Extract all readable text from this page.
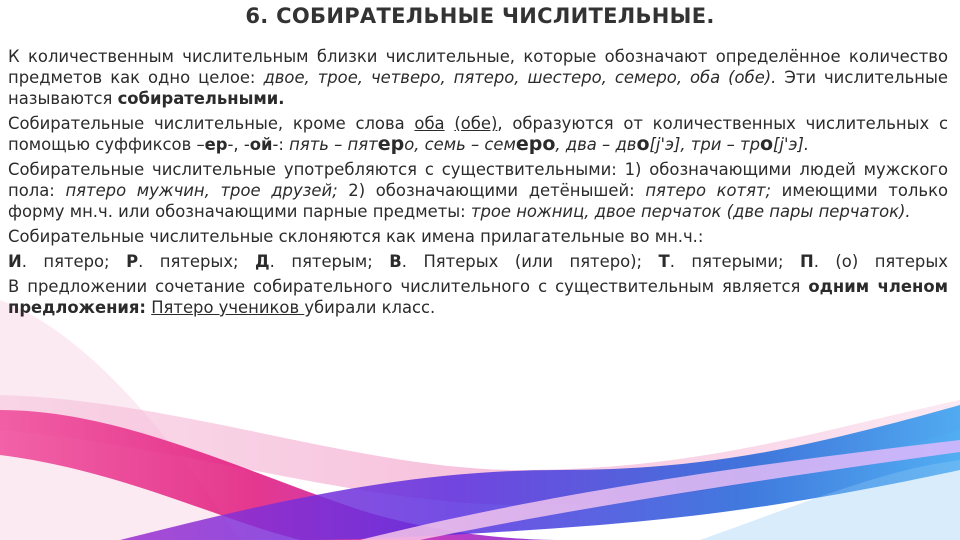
6. СОБИРАТЕЛЬНЫЕ ЧИСЛИТЕЛЬНЫЕ.

К количественным числительным близки числительные, которые обозначают определённое количество предметов как одно целое: двое, трое, четверо, пятеро, шестеро, семеро, оба (обе). Эти числительные называются собирательными.

Собирательные числительные, кроме слова оба (обе), образуются от количественных числительных с помощью суффиксов –ер-, -ой-: пять – пятеро, семь – семеро, два – дво[j'э], три – тро[j'э].

Собирательные числительные употребляются с существительными: 1) обозначающими людей мужского пола: пятеро мужчин, трое друзей; 2) обозначающими детёнышей: пятеро котят; имеющими только форму мн.ч. или обозначающими парные предметы: трое ножниц, двое перчаток (две пары перчаток).

Собирательные числительные склоняются как имена прилагательные во мн.ч.:

И. пятеро; Р. пятерых; Д. пятерым; В. Пятерых (или пятеро); Т. пятерыми; П. (о) пятерых

В предложении сочетание собирательного числительного с существительным является одним членом предложения: Пятеро учеников убирали класс.
